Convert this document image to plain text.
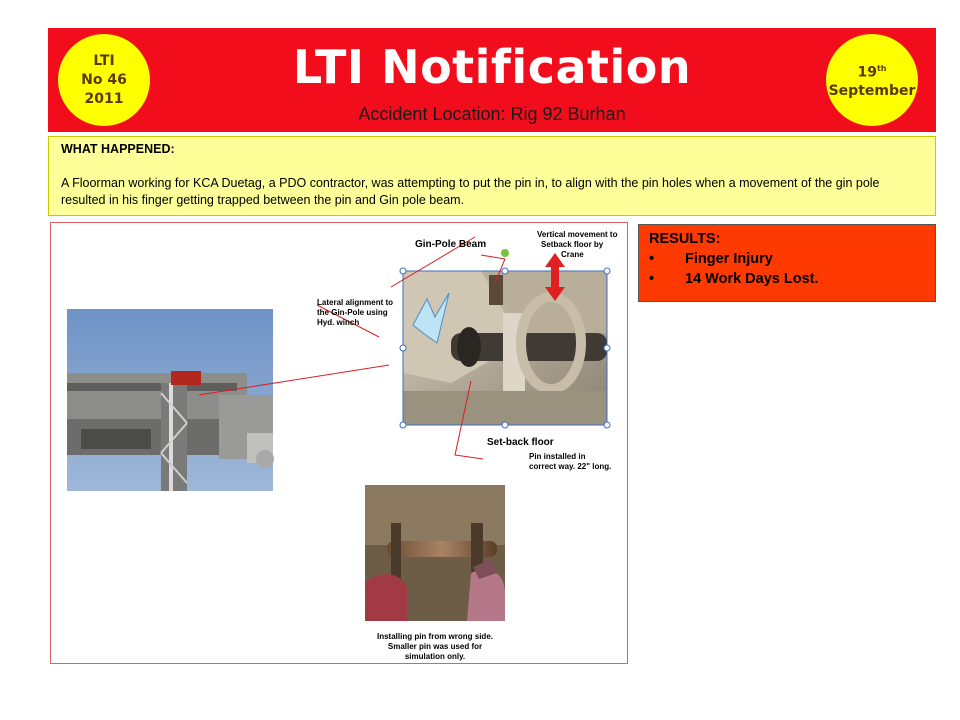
LTI Notification
Accident Location: Rig 92 Burhan
LTI
No 46
2011
19th
September
WHAT HAPPENED:
A Floorman working for KCA Duetag, a PDO contractor, was attempting to put the pin in, to align with the pin holes when a movement of the gin pole resulted in his finger getting trapped between the pin and Gin pole beam.
Gin-Pole Beam
Vertical movement to
Setback floor by
Crane
Lateral alignment to
the Gin-Pole using
Hyd. winch
Set-back floor
Pin installed in
correct way. 22" long.
Installing pin from wrong side.
Smaller pin was used for
simulation only.
RESULTS:
• Finger Injury
• 14 Work Days Lost.
